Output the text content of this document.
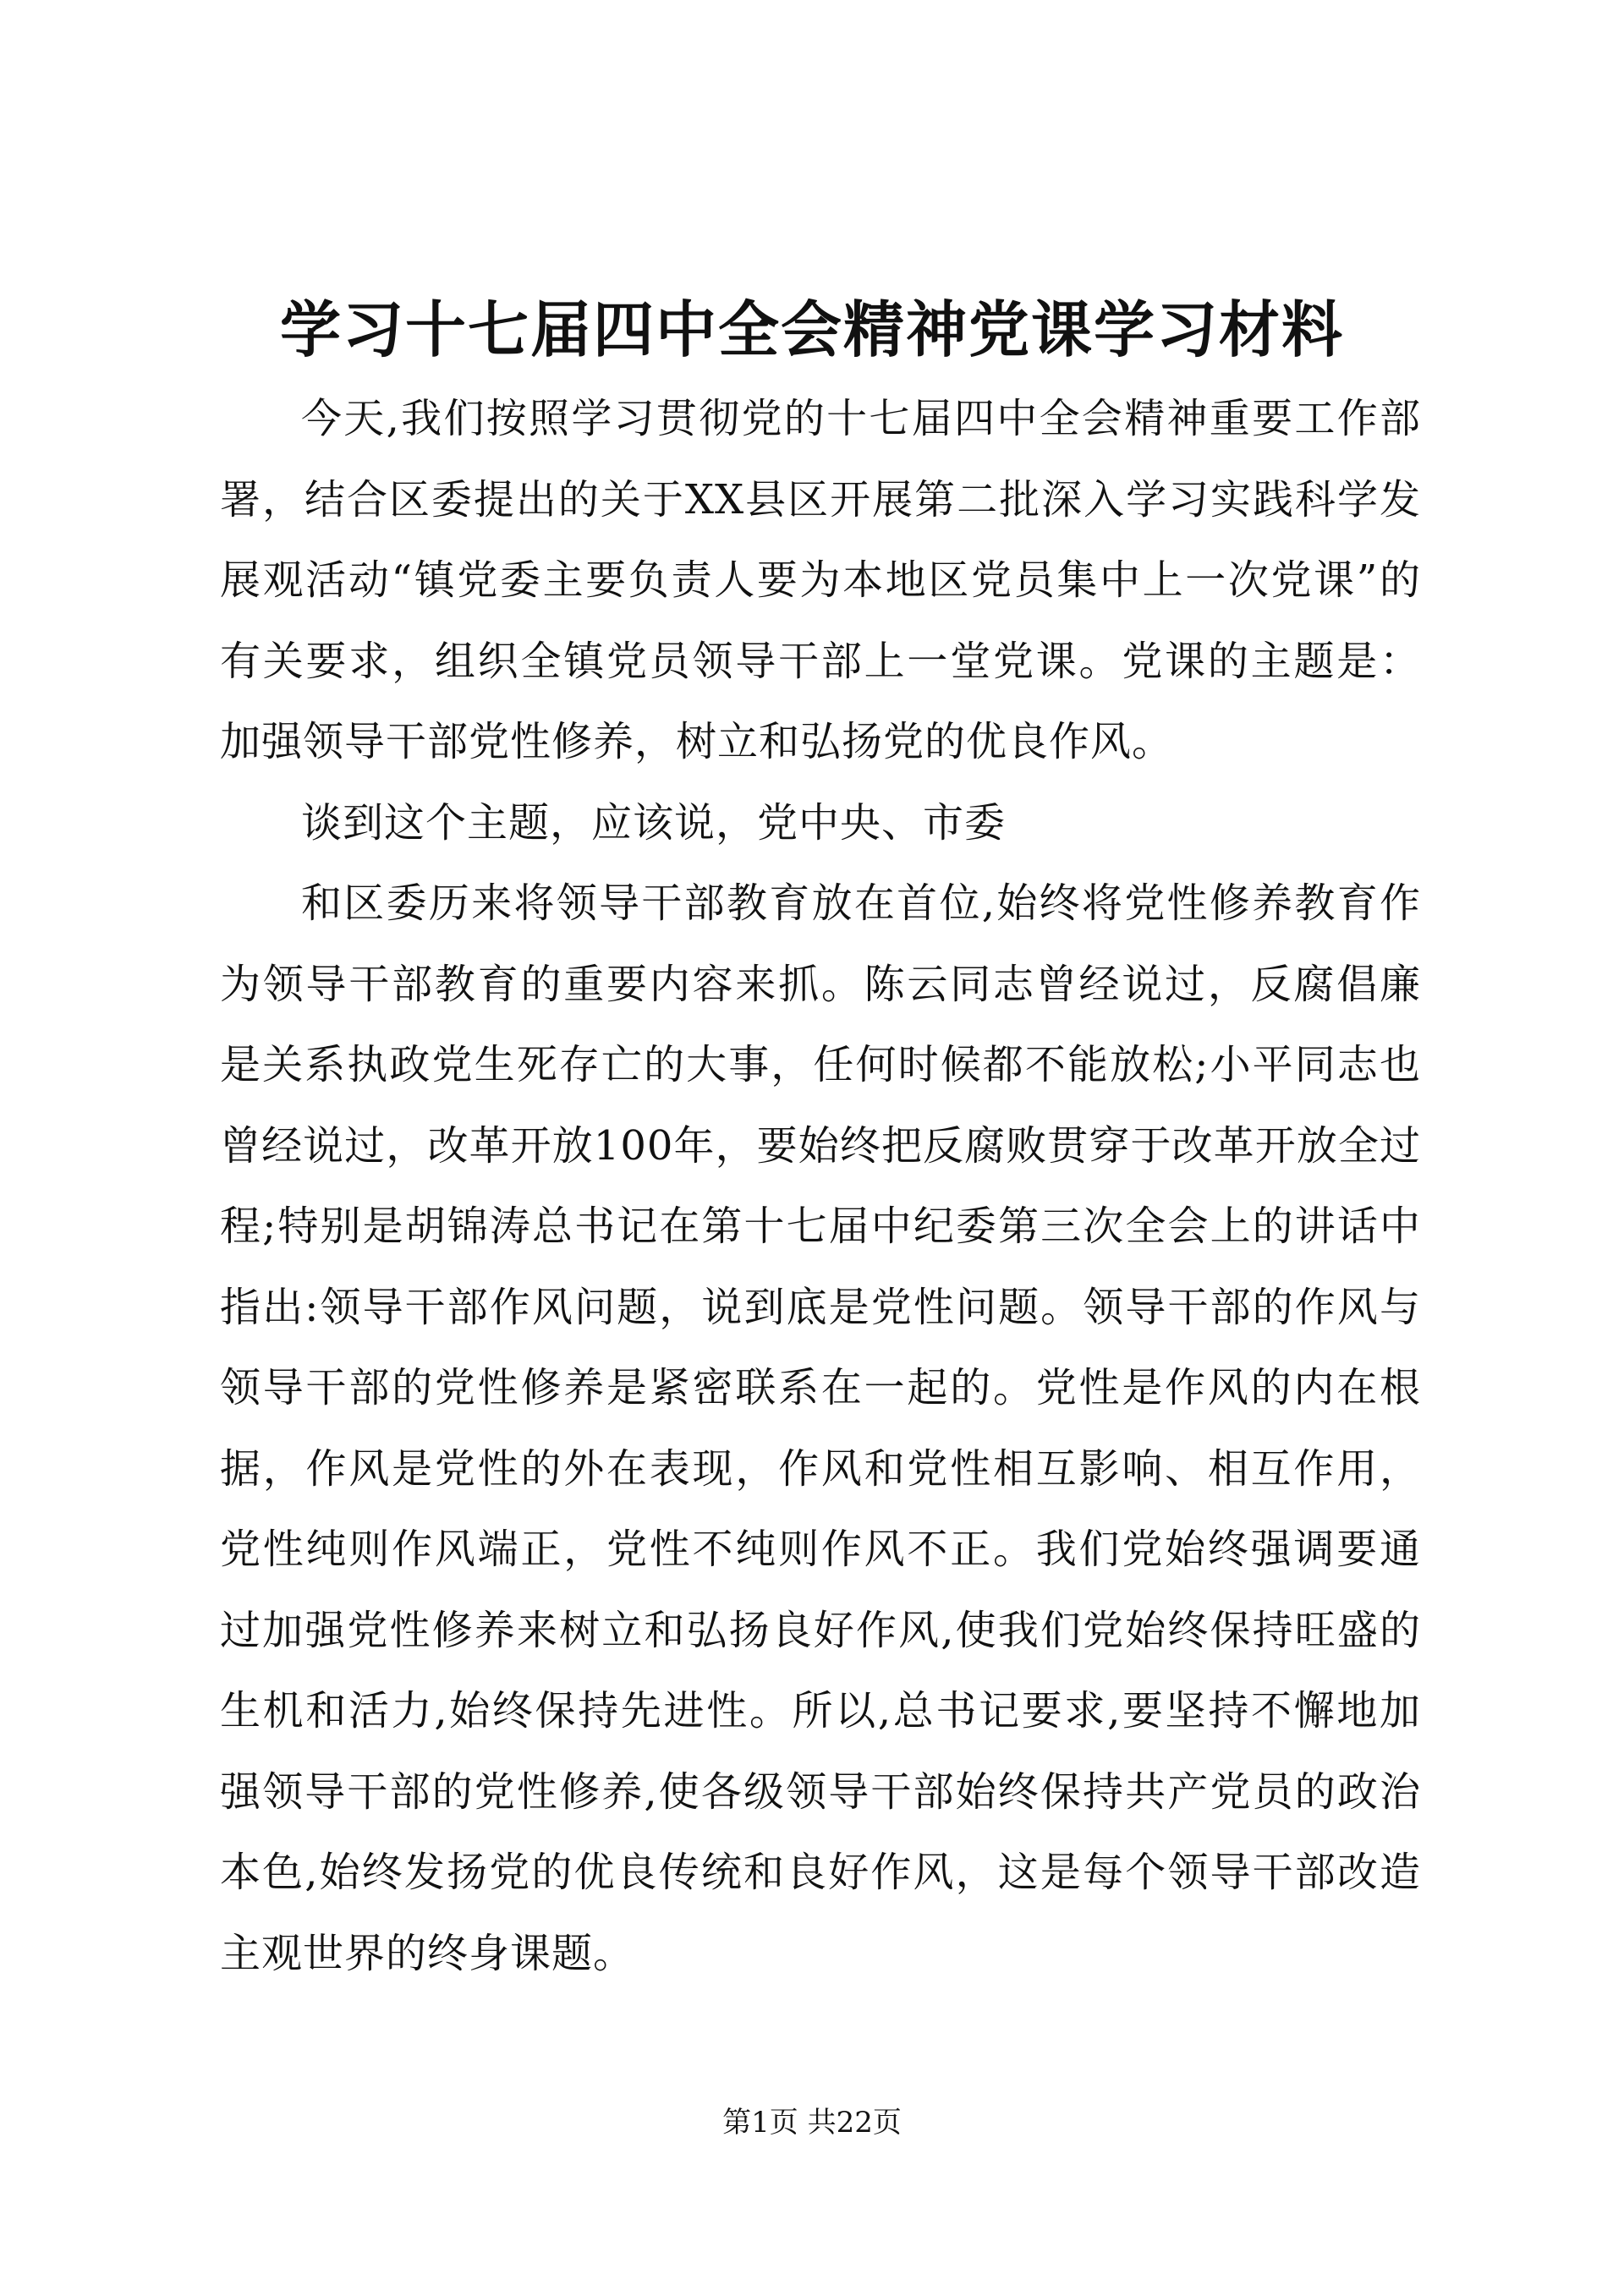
学习十七届四中全会精神党课学习材料

今天,我们按照学习贯彻党的十七届四中全会精神重要工作部署，结合区委提出的关于XX县区开展第二批深入学习实践科学发展观活动“镇党委主要负责人要为本地区党员集中上一次党课”的有关要求，组织全镇党员领导干部上一堂党课。党课的主题是：加强领导干部党性修养，树立和弘扬党的优良作风。

谈到这个主题，应该说，党中央、市委

和区委历来将领导干部教育放在首位,始终将党性修养教育作为领导干部教育的重要内容来抓。陈云同志曾经说过，反腐倡廉是关系执政党生死存亡的大事，任何时候都不能放松;小平同志也曾经说过，改革开放100年，要始终把反腐败贯穿于改革开放全过程;特别是胡锦涛总书记在第十七届中纪委第三次全会上的讲话中指出:领导干部作风问题，说到底是党性问题。领导干部的作风与领导干部的党性修养是紧密联系在一起的。党性是作风的内在根据，作风是党性的外在表现，作风和党性相互影响、相互作用，党性纯则作风端正，党性不纯则作风不正。我们党始终强调要通过加强党性修养来树立和弘扬良好作风,使我们党始终保持旺盛的生机和活力,始终保持先进性。所以,总书记要求,要坚持不懈地加强领导干部的党性修养,使各级领导干部始终保持共产党员的政治本色,始终发扬党的优良传统和良好作风，这是每个领导干部改造主观世界的终身课题。

第1页 共22页
